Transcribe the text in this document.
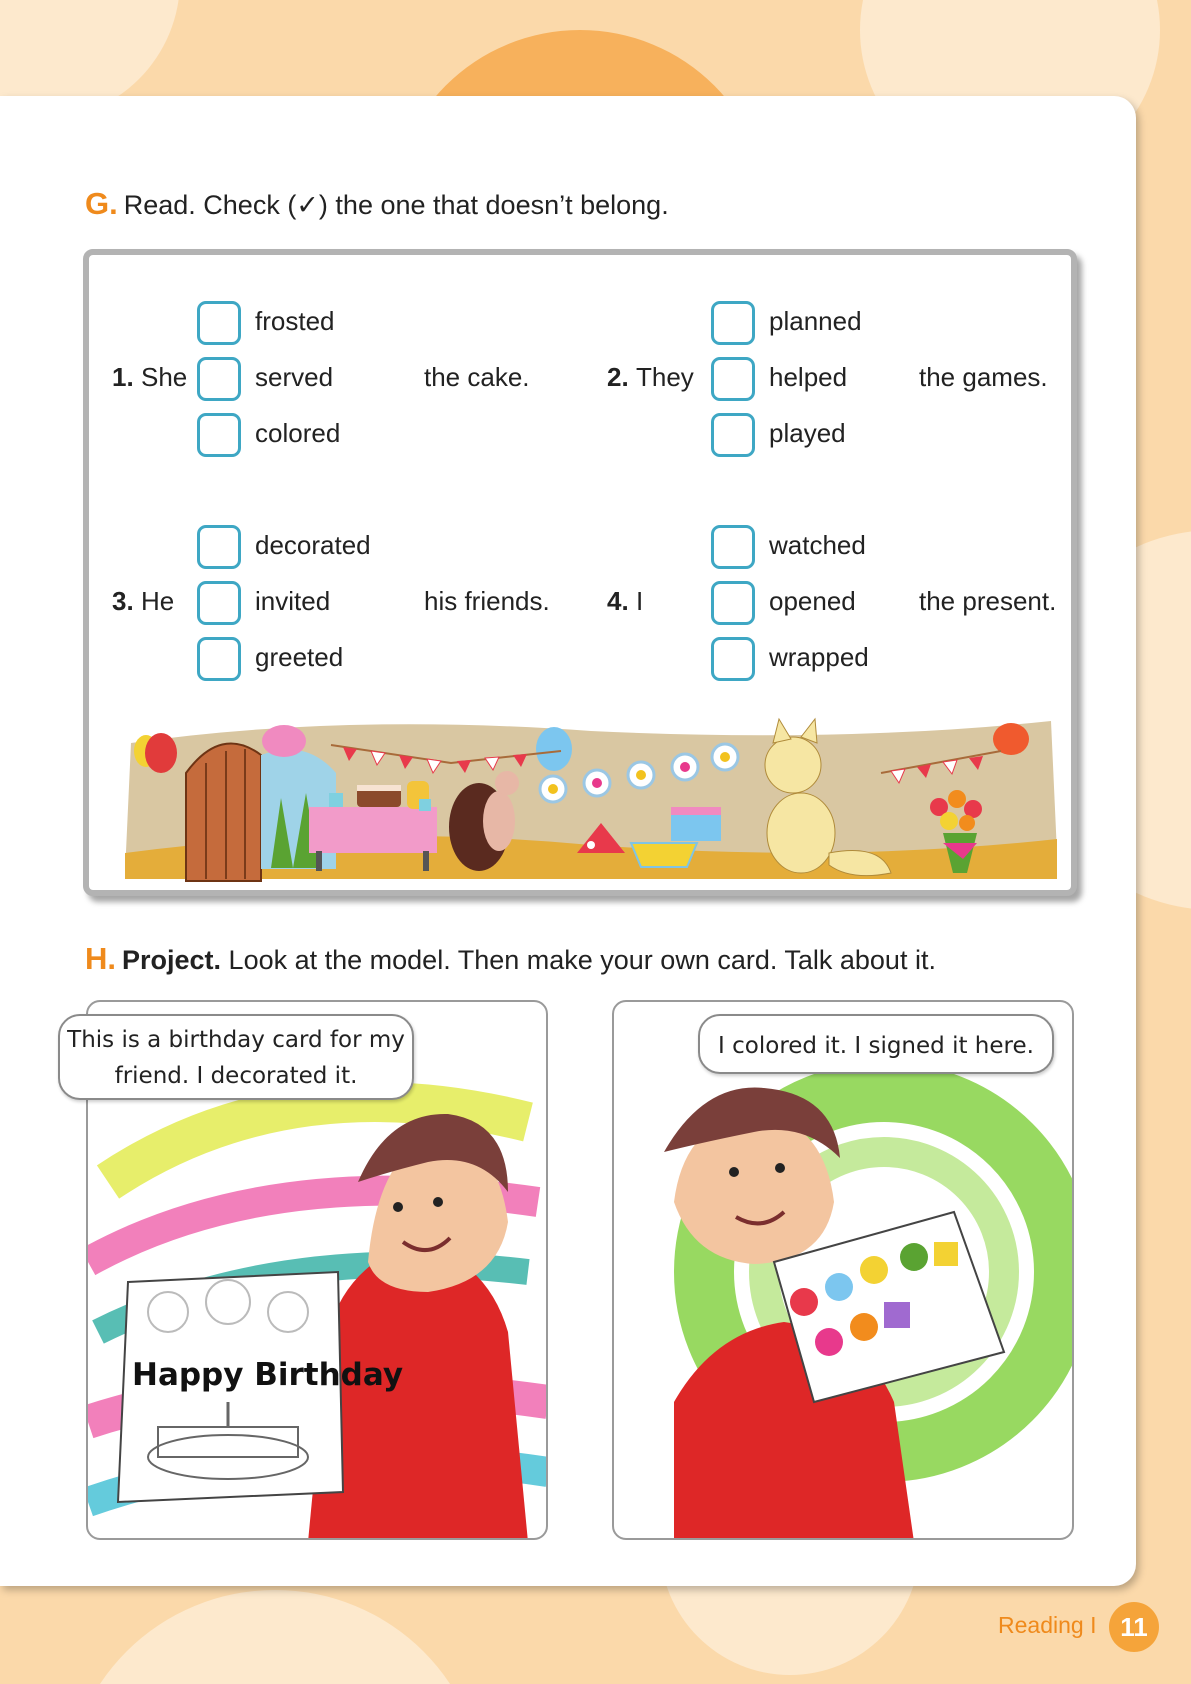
G. Read. Check (✓) the one that doesn’t belong.
1. She
frosted
served
colored
the cake.	2. They
planned
helped
played
the games.
3. He
decorated
invited
greeted
his friends. 4. I
watched
opened
wrapped
the present.
H. Project. Look at the model. Then make your own card. Talk about it.
Happy Birthday
This is a birthday card for my friend. I decorated it.
I colored it. I signed it here.
Reading I 11
